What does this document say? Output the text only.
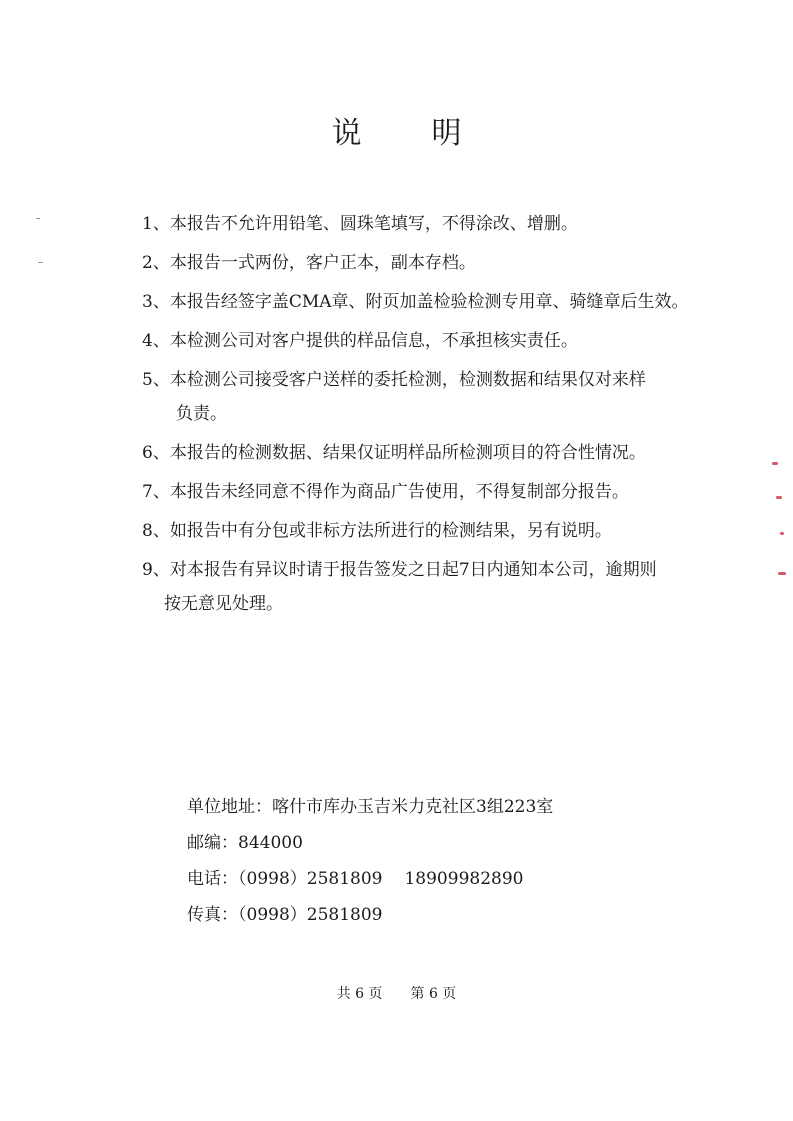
说 明
1、本报告不允许用铅笔、圆珠笔填写，不得涂改、增删。
2、本报告一式两份，客户正本，副本存档。
3、本报告经签字盖CMA章、附页加盖检验检测专用章、骑缝章后生效。
4、本检测公司对客户提供的样品信息，不承担核实责任。
5、本检测公司接受客户送样的委托检测，检测数据和结果仅对来样
负责。
6、本报告的检测数据、结果仅证明样品所检测项目的符合性情况。
7、本报告未经同意不得作为商品广告使用，不得复制部分报告。
8、如报告中有分包或非标方法所进行的检测结果，另有说明。
9、对本报告有异议时请于报告签发之日起7日内通知本公司，逾期则
按无意见处理。
单位地址：喀什市库办玉吉米力克社区3组223室
邮编：844000
电话：（0998）2581809 18909982890
传真：（0998）2581809
共 6 页 第 6 页
